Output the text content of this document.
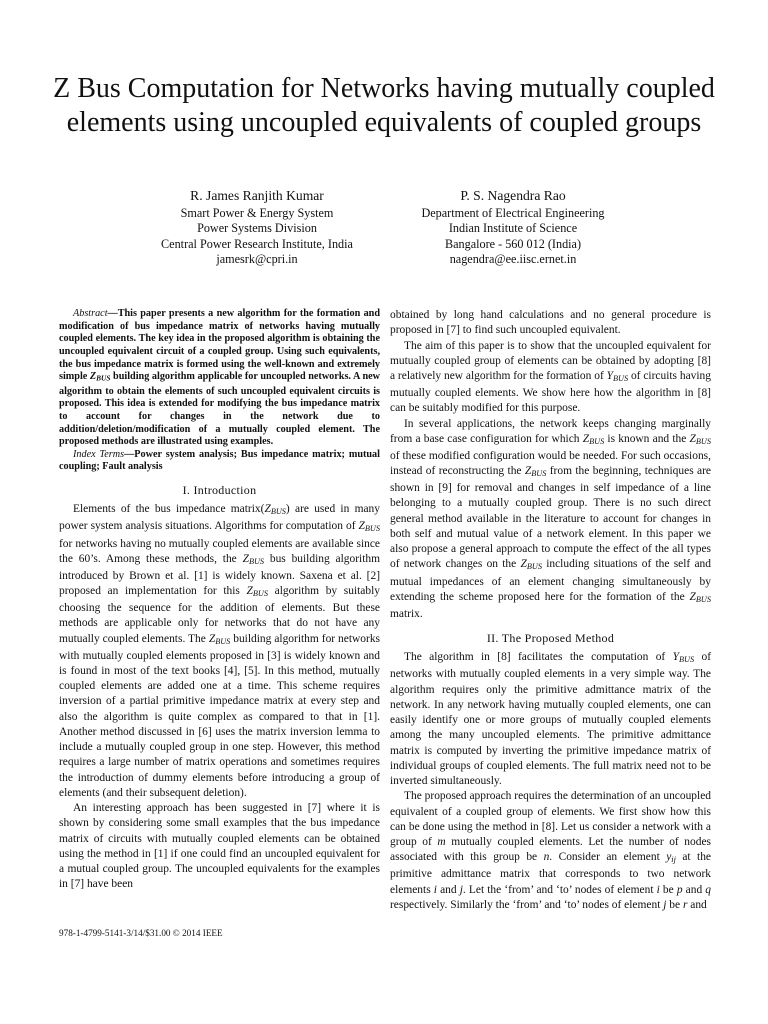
Z Bus Computation for Networks having mutually coupled elements using uncoupled equivalents of coupled groups
R. James Ranjith Kumar
Smart Power & Energy System
Power Systems Division
Central Power Research Institute, India
jamesrk@cpri.in
P. S. Nagendra Rao
Department of Electrical Engineering
Indian Institute of Science
Bangalore - 560 012 (India)
nagendra@ee.iisc.ernet.in

Abstract—This paper presents a new algorithm for the formation and modification of bus impedance matrix of networks having mutually coupled elements. The key idea in the proposed algorithm is obtaining the uncoupled equivalent circuit of a coupled group. Using such equivalents, the bus impedance matrix is formed using the well-known and extremely simple $Z_{BUS}$ building algorithm applicable for uncoupled networks. A new algorithm to obtain the elements of such uncoupled equivalent circuits is proposed. This idea is extended for modifying the bus impedance matrix to account for changes in the network due to addition/deletion/modification of a mutually coupled element. The proposed methods are illustrated using examples.

Index Terms—Power system analysis; Bus impedance matrix; mutual coupling; Fault analysis

I. Introduction

Elements of the bus impedance $matrix(Z_{BUS})$ are used in many power system analysis situations. Algorithms for computation of $Z_{BUS}$ for networks having no mutually coupled elements are available since the 60’s. Among these methods, the $Z_{BUS}$ bus building algorithm introduced by Brown et al. [1] is widely known. Saxena et al. [2] proposed an implementation for this $Z_{BUS}$ algorithm by suitably choosing the sequence for the addition of elements. But these methods are applicable only for networks that do not have any mutually coupled elements. The $Z_{BUS}$ building algorithm for networks with mutually coupled elements proposed in [3] is widely known and is found in most of the text books [4], [5]. In this method, mutually coupled elements are added one at a time. This scheme requires inversion of a partial primitive impedance matrix at every step and also the algorithm is quite complex as compared to that in [1]. Another method discussed in [6] uses the matrix inversion lemma to include a mutually coupled group in one step. However, this method requires a large number of matrix operations and sometimes requires the introduction of dummy elements before introducing a group of elements (and their subsequent deletion).

An interesting approach has been suggested in [7] where it is shown by considering some small examples that the bus impedance matrix of circuits with mutually coupled elements can be obtained using the method in [1] if one could find an uncoupled equivalent for a mutual coupled group. The uncoupled equivalents for the examples in [7] have been

obtained by long hand calculations and no general procedure is proposed in [7] to find such uncoupled equivalent.

The aim of this paper is to show that the uncoupled equivalent for mutually coupled group of elements can be obtained by adopting [8] a relatively new algorithm for the formation of $Y_{BUS}$ of circuits having mutually coupled elements. We show here how the algorithm in [8] can be suitably modified for this purpose.

In several applications, the network keeps changing marginally from a base case configuration for which $Z_{BUS}$ is known and the $Z_{BUS}$ of these modified configuration would be needed. For such occasions, instead of reconstructing the $Z_{BUS}$ from the beginning, techniques are shown in [9] for removal and changes in self impedance of a line belonging to a mutually coupled group. There is no such direct general method available in the literature to account for changes in both self and mutual value of a network element. In this paper we also propose a general approach to compute the effect of the all types of network changes on the $Z_{BUS}$ including situations of the self and mutual impedances of an element changing simultaneously by extending the scheme proposed here for the formation of the $Z_{BUS}$ matrix.

II. The Proposed Method

The algorithm in [8] facilitates the computation of $Y_{BUS}$ of networks with mutually coupled elements in a very simple way. The algorithm requires only the primitive admittance matrix of the network. In any network having mutually coupled elements, one can easily identify one or more groups of mutually coupled elements among the many uncoupled elements. The primitive admittance matrix is computed by inverting the primitive impedance matrix of individual groups of coupled elements. The full matrix need not to be inverted simultaneously.

The proposed approach requires the determination of an uncoupled equivalent of a coupled group of elements. We first show how this can be done using the method in [8]. Let us consider a network with a group of m mutually coupled elements. Let the number of nodes associated with this group be n. Consider an element $y_{ij}$ at the primitive admittance matrix that corresponds to two network elements i and j. Let the ‘from’ and ‘to’ nodes of element i be p and q respectively. Similarly the ‘from’ and ‘to’ nodes of element j be r and

978-1-4799-5141-3/14/$31.00 © 2014 IEEE
